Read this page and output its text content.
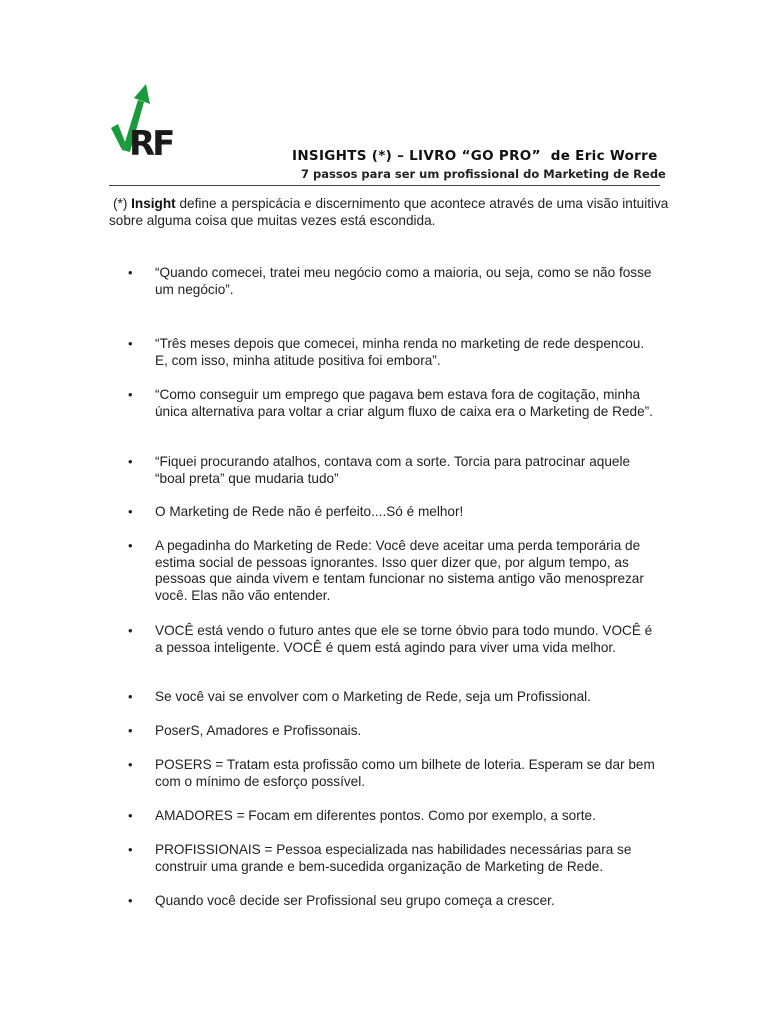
RF	INSIGHTS (*) – LIVRO “GO PRO” de Eric Worre
7 passos para ser um profissional do Marketing de Rede
(*) Insight define a perspicácia e discernimento que acontece através de uma visão intuitiva sobre alguma coisa que muitas vezes está escondida.
•	“Quando comecei, tratei meu negócio como a maioria, ou seja, como se não fosse um negócio”.
•	“Três meses depois que comecei, minha renda no marketing de rede despencou. E, com isso, minha atitude positiva foi embora”.
•	“Como conseguir um emprego que pagava bem estava fora de cogitação, minha única alternativa para voltar a criar algum fluxo de caixa era o Marketing de Rede”.
•	“Fiquei procurando atalhos, contava com a sorte. Torcia para patrocinar aquele “boal preta” que mudaria tudo”
•	O Marketing de Rede não é perfeito....Só é melhor!
•	A pegadinha do Marketing de Rede: Você deve aceitar uma perda temporária de estima social de pessoas ignorantes. Isso quer dizer que, por algum tempo, as pessoas que ainda vivem e tentam funcionar no sistema antigo vão menosprezar você. Elas não vão entender.
•	VOCÊ está vendo o futuro antes que ele se torne óbvio para todo mundo. VOCÊ é a pessoa inteligente. VOCÊ é quem está agindo para viver uma vida melhor.
•	Se você vai se envolver com o Marketing de Rede, seja um Profissional.
•	PoserS, Amadores e Profissonais.
•	POSERS = Tratam esta profissão como um bilhete de loteria. Esperam se dar bem com o mínimo de esforço possível.
•	AMADORES = Focam em diferentes pontos. Como por exemplo, a sorte.
•	PROFISSIONAIS = Pessoa especializada nas habilidades necessárias para se construir uma grande e bem-sucedida organização de Marketing de Rede.
•	Quando você decide ser Profissional seu grupo começa a crescer.
